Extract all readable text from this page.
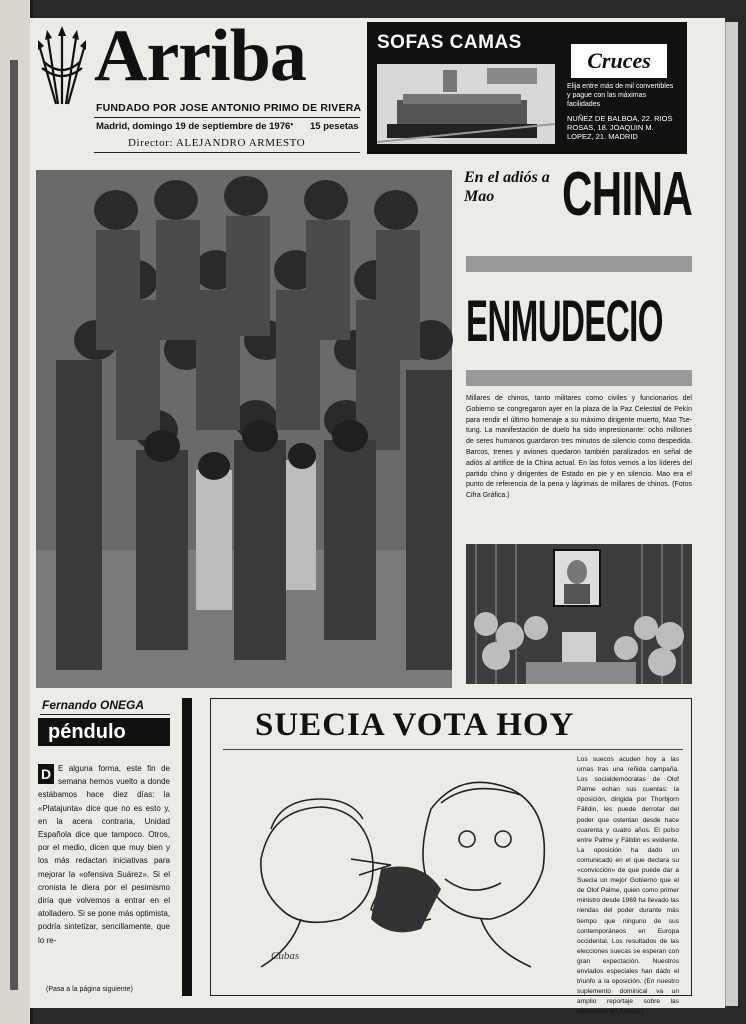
Arriba
FUNDADO POR JOSE ANTONIO PRIMO DE RIVERA
Madrid, domingo 19 de septiembre de 1976 • 15 pesetas
Director: ALEJANDRO ARMESTO
SOFAS CAMAS
Cruces
Elija entre más de mil convertibles y pague con las máximas facilidades
NUÑEZ DE BALBOA, 22. RIOS ROSAS, 18. JOAQUIN M. LOPEZ, 21. MADRID
En el adiós a Mao	CHINA
ENMUDECIO
Millares de chinos, tanto militares como civiles y funcionarios del Gobierno se congregaron ayer en la plaza de la Paz Celestial de Pekín para rendir el último homenaje a su máximo dirigente muerto, Mao Tse-tung. La manifestación de duelo ha sido impresionante: ocho millones de seres humanos guardaron tres minutos de silencio como despedida. Barcos, trenes y aviones quedaron también paralizados en señal de adiós al artífice de la China actual. En las fotos vemos a los líderes del partido chino y dirigentes de Estado en pie y en silencio. Mao era el punto de referencia de la pena y lágrimas de millares de chinos. (Fotos Cifra Gráfica.)
Fernando ONEGA
péndulo
D E alguna forma, este fin de semana hemos vuelto a donde estábamos hace diez días: la «Platajunta» dice que no es esto y, en la acera contraria, Unidad Española dice que tampoco. Otros, por el medio, dicen que muy bien y los más redactan iniciativas para mejorar la «ofensiva Suárez». Si el cronista le diera por el pesimismo diría que volvemos a entrar en el atolladero. Si se pone más optimista, podría sintetizar, sencillamente, que lo re-
(Pasa a la página siguiente)
SUECIA VOTA HOY
Cubas
Los suecos acuden hoy a las urnas tras una reñida campaña. Los socialdemócratas de Olof Palme echan sus cuentas: la oposición, dirigida por Thorbjorn Fälldin, les puede derrotar del poder que ostentan desde hace cuarenta y cuatro años. El pulso entre Palme y Fälldin es evidente. La oposición ha dado un comunicado en el que declara su «convicción» de que puede dar a Suecia un mejor Gobierno que el de Olof Palme, quien como primer ministro desde 1969 ha llevado las riendas del poder durante más tiempo que ninguno de sus contemporáneos en Europa occidental. Los resultados de las elecciones suecas se esperan con gran expectación. Nuestros enviados especiales han dado el triunfo a la oposición. (En nuestro suplemento dominical va un amplio reportaje sobre las elecciones en Suecia.)
